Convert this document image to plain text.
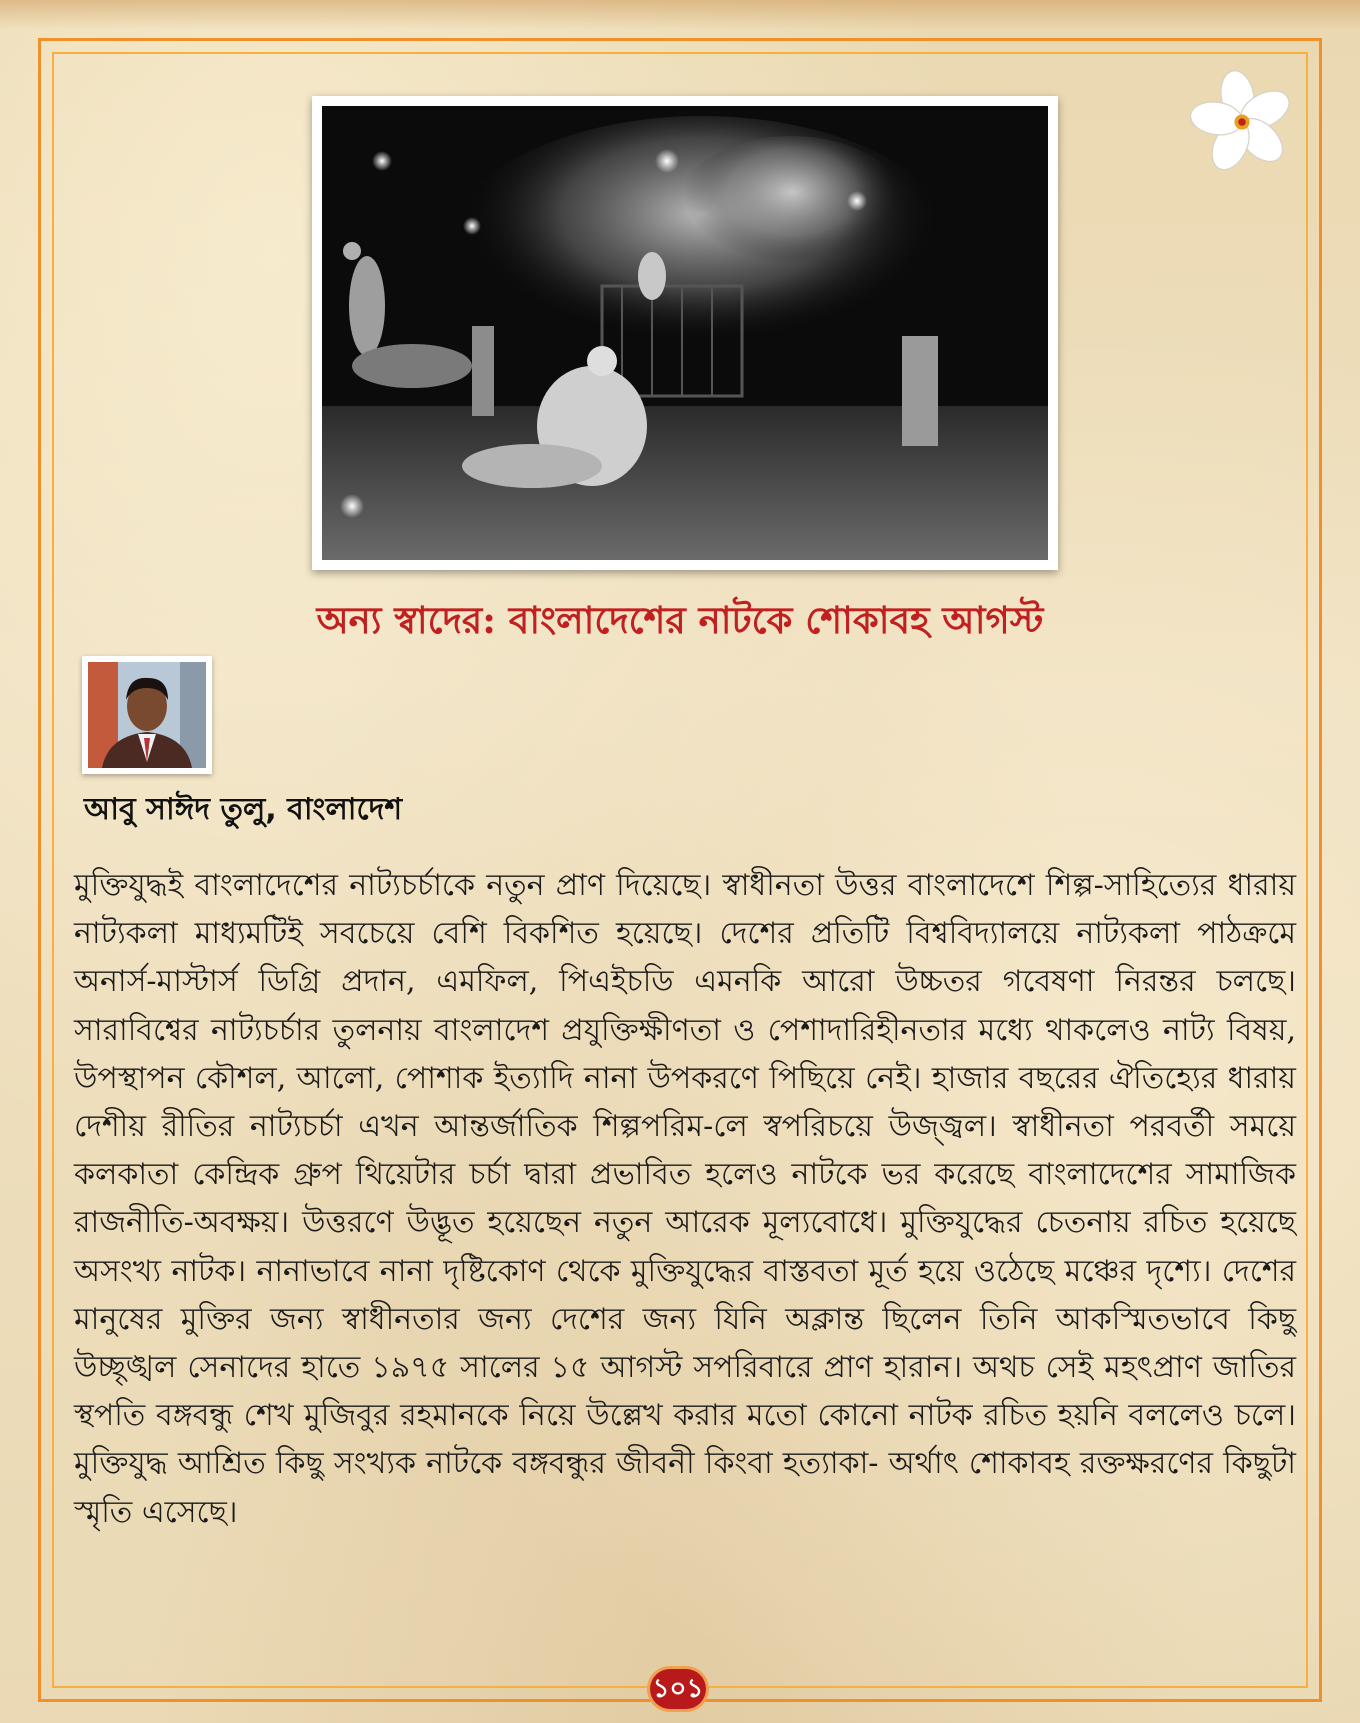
অন্য স্বাদের: বাংলাদেশের নাটকে শোকাবহ আগস্ট

আবু সাঈদ তুলু, বাংলাদেশ

মুক্তিযুদ্ধই বাংলাদেশের নাট্যচর্চাকে নতুন প্রাণ দিয়েছে। স্বাধীনতা উত্তর বাংলাদেশে শিল্প-সাহিত্যের ধারায় নাট্যকলা মাধ্যমটিই সবচেয়ে বেশি বিকশিত হয়েছে। দেশের প্রতিটি বিশ্ববিদ্যালয়ে নাট্যকলা পাঠক্রমে অনার্স-মাস্টার্স ডিগ্রি প্রদান, এমফিল, পিএইচডি এমনকি আরো উচ্চতর গবেষণা নিরন্তর চলছে। সারাবিশ্বের নাট্যচর্চার তুলনায় বাংলাদেশ প্রযুক্তিক্ষীণতা ও পেশাদারিহীনতার মধ্যে থাকলেও নাট্য বিষয়, উপস্থাপন কৌশল, আলো, পোশাক ইত্যাদি নানা উপকরণে পিছিয়ে নেই। হাজার বছরের ঐতিহ্যের ধারায় দেশীয় রীতির নাট্যচর্চা এখন আন্তর্জাতিক শিল্পপরিম-লে স্বপরিচয়ে উজ্জ্বল। স্বাধীনতা পরবর্তী সময়ে কলকাতা কেন্দ্রিক গ্রুপ থিয়েটার চর্চা দ্বারা প্রভাবিত হলেও নাটকে ভর করেছে বাংলাদেশের সামাজিক রাজনীতি-অবক্ষয়। উত্তরণে উদ্ভূত হয়েছেন নতুন আরেক মূল্যবোধে। মুক্তিযুদ্ধের চেতনায় রচিত হয়েছে অসংখ্য নাটক। নানাভাবে নানা দৃষ্টিকোণ থেকে মুক্তিযুদ্ধের বাস্তবতা মূর্ত হয়ে ওঠেছে মঞ্চের দৃশ্যে। দেশের মানুষের মুক্তির জন্য স্বাধীনতার জন্য দেশের জন্য যিনি অক্লান্ত ছিলেন তিনি আকস্মিতভাবে কিছু উচ্ছৃঙ্খল সেনাদের হাতে ১৯৭৫ সালের ১৫ আগস্ট সপরিবারে প্রাণ হারান। অথচ সেই মহৎপ্রাণ জাতির স্থপতি বঙ্গবন্ধু শেখ মুজিবুর রহমানকে নিয়ে উল্লেখ করার মতো কোনো নাটক রচিত হয়নি বললেও চলে। মুক্তিযুদ্ধ আশ্রিত কিছু সংখ্যক নাটকে বঙ্গবন্ধুর জীবনী কিংবা হত্যাকা- অর্থাৎ শোকাবহ রক্তক্ষরণের কিছুটা স্মৃতি এসেছে।

১০১
